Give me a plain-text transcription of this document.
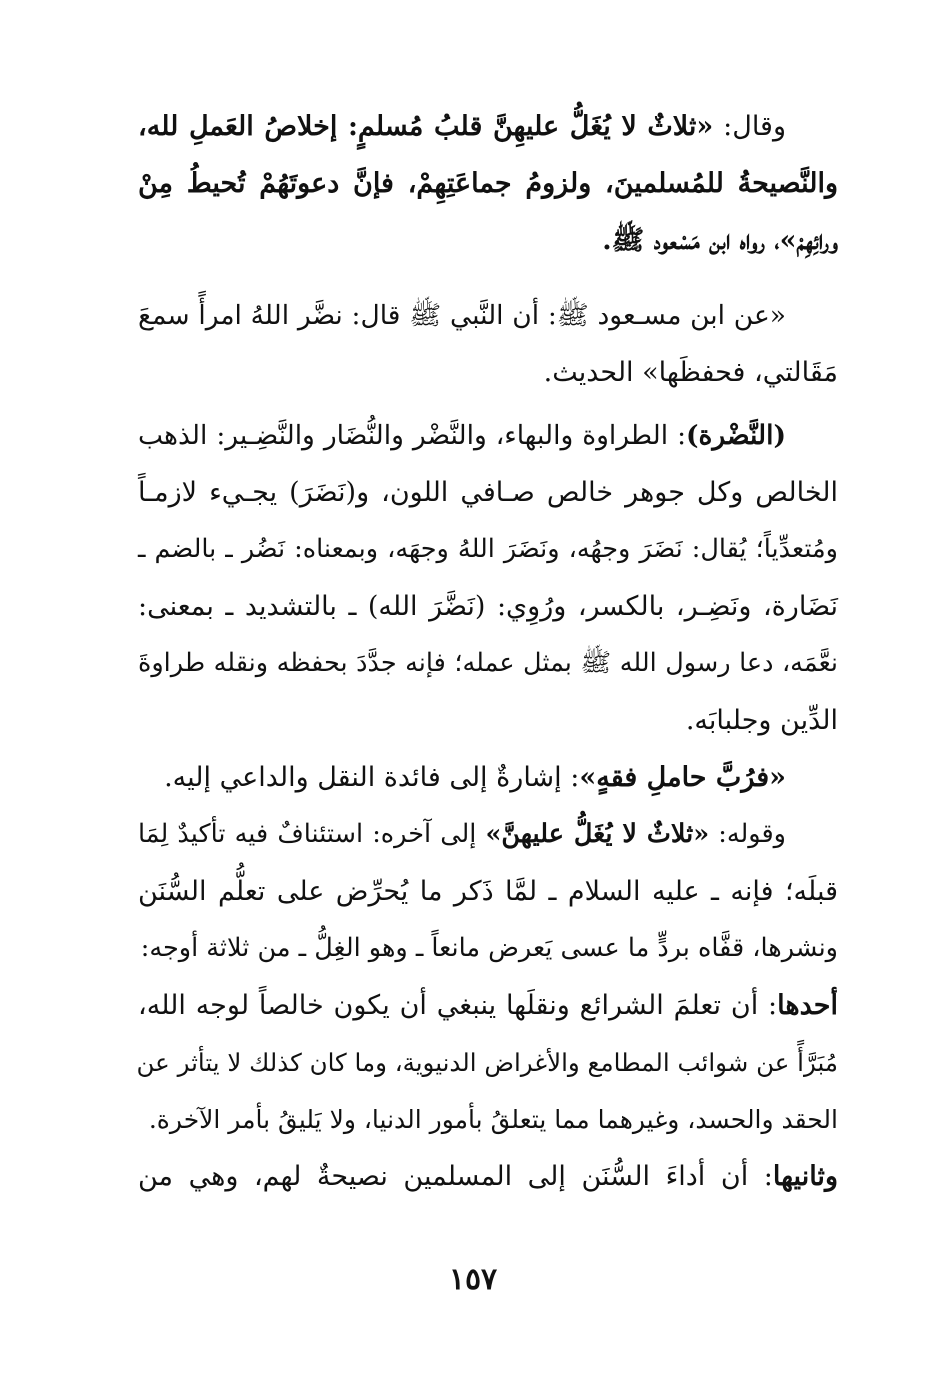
وقال: «ثلاثٌ لا يُغَلُّ عليهِنَّ قلبُ مُسلمٍ: إخلاصُ العَملِ لله،
والنَّصيحةُ للمُسلمينَ، ولزومُ جماعَتِهِمْ، فإنَّ دعوتَهُمْ تُحيطُ مِنْ
ورائِهِمْ»، رواه ابن مَسْعود ﷺ.
«عن ابن مسـعود ﷺ: أن النَّبي ﷺ قال: نضَّر اللهُ امرأً سمعَ
مَقَالتي، فحفظَها» الحديث.
(النَّضْرة): الطراوة والبهاء، والنَّضْر والنُّضَار والنَّضِـير: الذهب
الخالص وكل جوهر خالص صـافي اللون، و(نَضَرَ) يجـيء لازمـاً
ومُتعدِّياً؛ يُقال: نَضَرَ وجهُه، ونَضَرَ اللهُ وجهَه، وبمعناه: نَضُر ـ بالضم ـ
نَضَارة، ونَضِـر، بالكسر، ورُوِي: (نَضَّرَ الله) ـ بالتشديد ـ بمعنى:
نعَّمَه، دعا رسول الله ﷺ بمثل عمله؛ فإنه جدَّدَ بحفظه ونقله طراوةَ
الدِّين وجلبابَه.
«فرُبَّ حاملِ فقهٍ»: إشارةٌ إلى فائدة النقل والداعي إليه.
وقوله: «ثلاثٌ لا يُغَلُّ عليهنَّ» إلى آخره: استئنافٌ فيه تأكيدٌ لِمَا
قبلَه؛ فإنه ـ عليه السلام ـ لمَّا ذَكر ما يُحرِّض على تعلُّم السُّنَن
ونشرها، قفَّاه بردٍّ ما عسى يَعرض مانعاً ـ وهو الغِلُّ ـ من ثلاثة أوجه:
أحدها: أن تعلمَ الشرائع ونقلَها ينبغي أن يكون خالصاً لوجه الله،
مُبَرَّأً عن شوائب المطامع والأغراض الدنيوية، وما كان كذلك لا يتأثر عن
الحقد والحسد، وغيرهما مما يتعلقُ بأمور الدنيا، ولا يَليقُ بأمر الآخرة.
وثانيها: أن أداءَ السُّنَن إلى المسلمين نصيحةٌ لهم، وهي من
١٥٧
